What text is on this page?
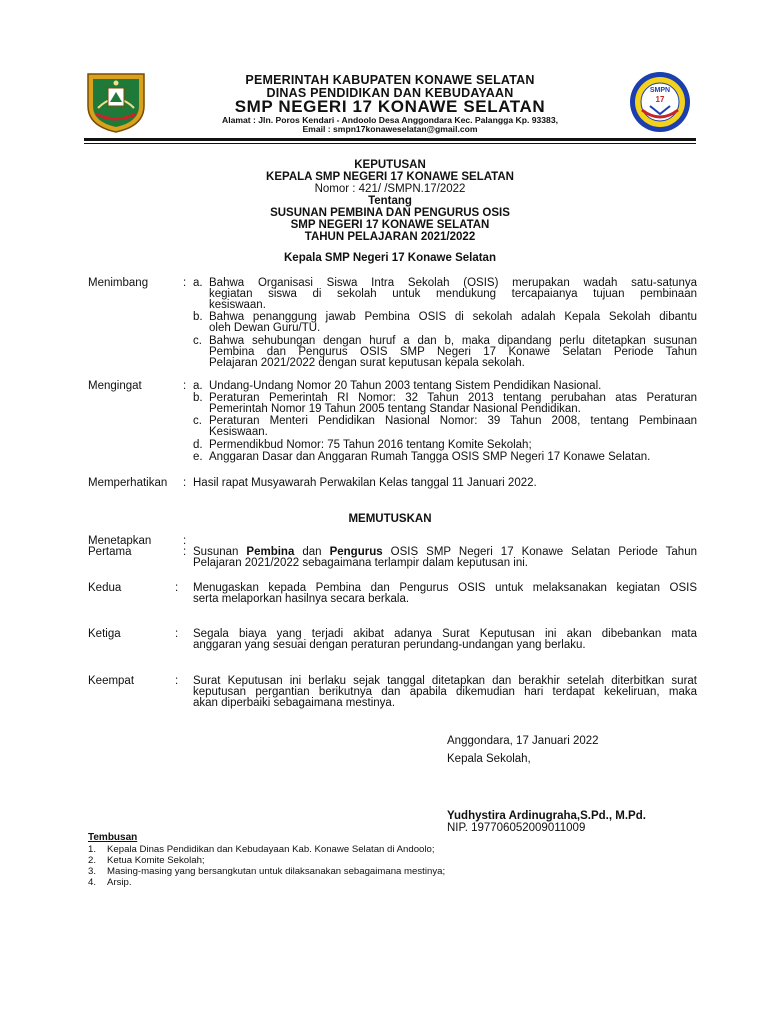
SMPN
17
PEMERINTAH KABUPATEN KONAWE SELATAN
DINAS PENDIDIKAN DAN KEBUDAYAAN
SMP NEGERI 17 KONAWE SELATAN
Alamat : Jln. Poros Kendari - Andoolo Desa Anggondara Kec. Palangga Kp. 93383,
Email : smpn17konaweselatan@gmail.com
KEPUTUSAN
KEPALA SMP NEGERI 17 KONAWE SELATAN
Nomor : 421/ /SMPN.17/2022
Tentang
SUSUNAN PEMBINA DAN PENGURUS OSIS
SMP NEGERI 17 KONAWE SELATAN
TAHUN PELAJARAN 2021/2022
Kepala SMP Negeri 17 Konawe Selatan
Menimbang	: a. Bahwa Organisasi Siswa Intra Sekolah (OSIS) merupakan wadah satu-satunya
kegiatan siswa di sekolah untuk mendukung tercapaianya tujuan pembinaan
kesiswaan.
b. Bahwa penanggung jawab Pembina OSIS di sekolah adalah Kepala Sekolah dibantu
oleh Dewan Guru/TU.
c. Bahwa sehubungan dengan huruf a dan b, maka dipandang perlu ditetapkan susunan
Pembina dan Pengurus OSIS SMP Negeri 17 Konawe Selatan Periode Tahun
Pelajaran 2021/2022 dengan surat keputusan kepala sekolah.
Mengingat	: a. Undang-Undang Nomor 20 Tahun 2003 tentang Sistem Pendidikan Nasional.
b. Peraturan Pemerintah RI Nomor: 32 Tahun 2013 tentang perubahan atas Peraturan
Pemerintah Nomor 19 Tahun 2005 tentang Standar Nasional Pendidikan.
c. Peraturan Menteri Pendidikan Nasional Nomor: 39 Tahun 2008, tentang Pembinaan
Kesiswaan.
d. Permendikbud Nomor: 75 Tahun 2016 tentang Komite Sekolah;
e. Anggaran Dasar dan Anggaran Rumah Tangga OSIS SMP Negeri 17 Konawe Selatan.
Memperhatikan : Hasil rapat Musyawarah Perwakilan Kelas tanggal 11 Januari 2022.
MEMUTUSKAN
Menetapkan	:
Pertama	: Susunan Pembina dan Pengurus OSIS SMP Negeri 17 Konawe Selatan Periode Tahun
Pelajaran 2021/2022 sebagaimana terlampir dalam keputusan ini.
Kedua	: Menugaskan kepada Pembina dan Pengurus OSIS untuk melaksanakan kegiatan OSIS
serta melaporkan hasilnya secara berkala.
Ketiga	: Segala biaya yang terjadi akibat adanya Surat Keputusan ini akan dibebankan mata
anggaran yang sesuai dengan peraturan perundang-undangan yang berlaku.
Keempat	: Surat Keputusan ini berlaku sejak tanggal ditetapkan dan berakhir setelah diterbitkan surat
keputusan pergantian berikutnya dan apabila dikemudian hari terdapat kekeliruan, maka
akan diperbaiki sebagaimana mestinya.
Anggondara, 17 Januari 2022
Kepala Sekolah,
Yudhystira Ardinugraha,S.Pd., M.Pd.
NIP. 197706052009011009
Tembusan
1. Kepala Dinas Pendidikan dan Kebudayaan Kab. Konawe Selatan di Andoolo;
2. Ketua Komite Sekolah;
3. Masing-masing yang bersangkutan untuk dilaksanakan sebagaimana mestinya;
4. Arsip.
